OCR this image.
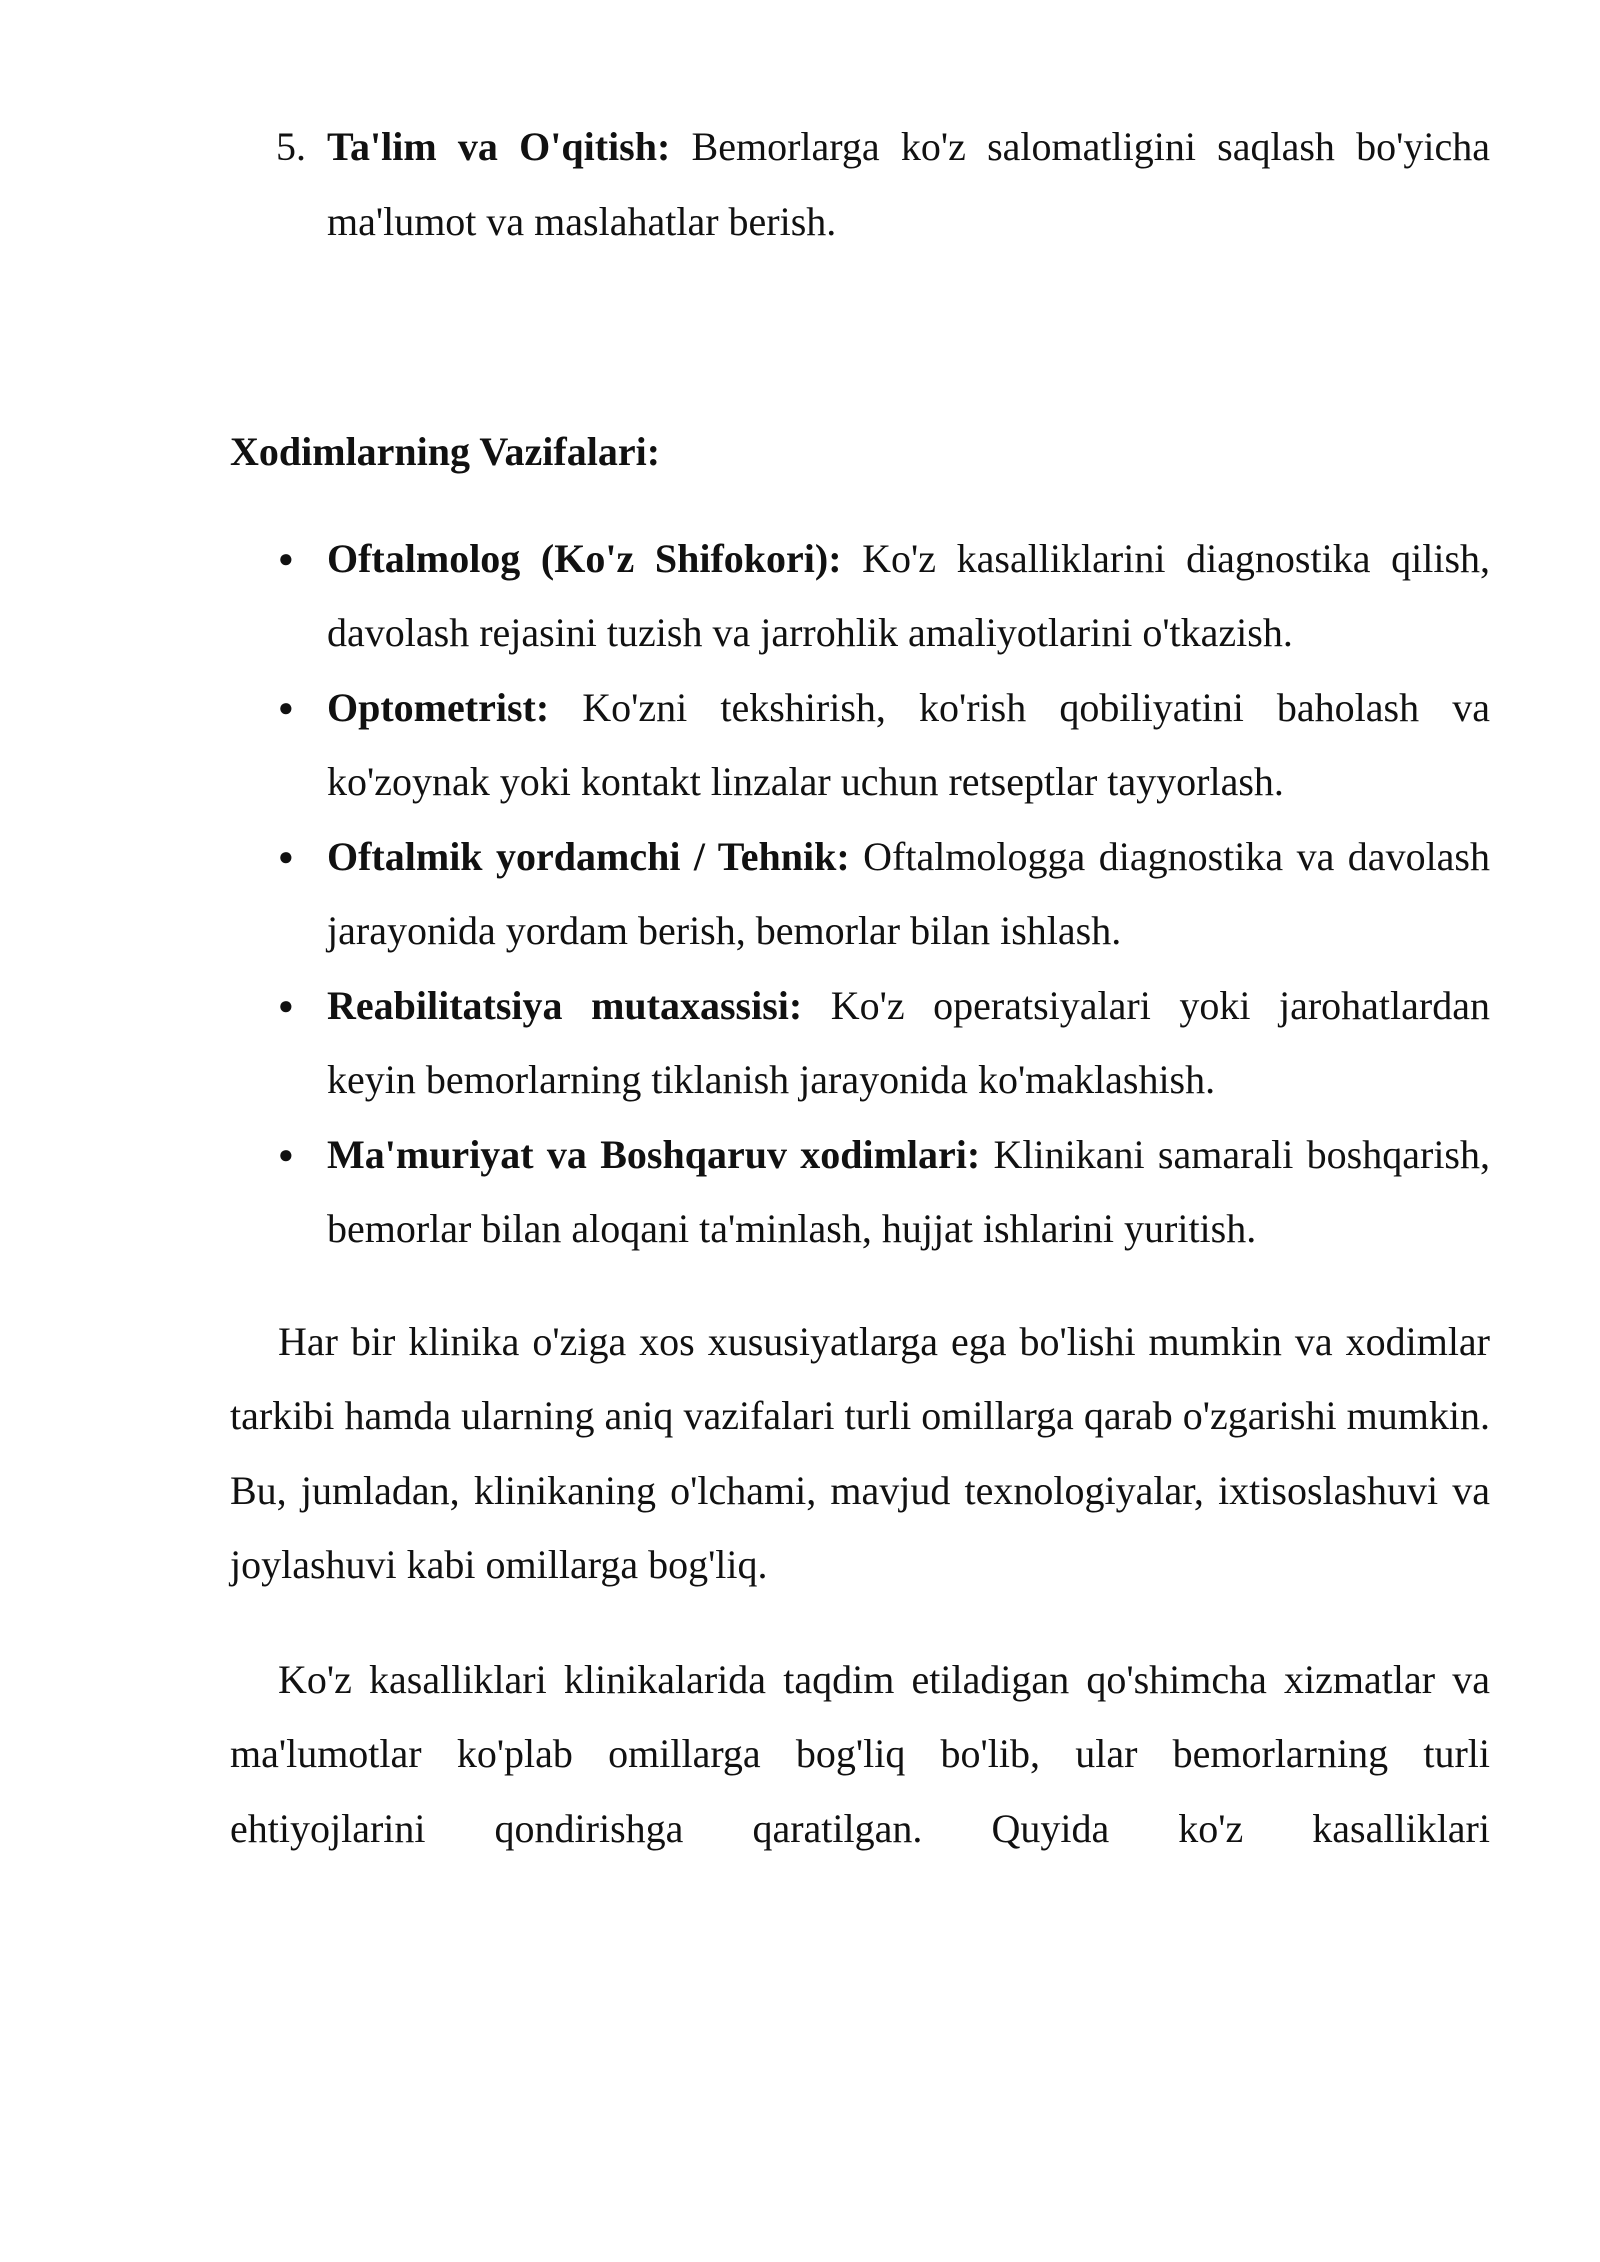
5. Ta'lim va O'qitish: Bemorlarga ko'z salomatligini saqlash bo'yicha ma'lumot va maslahatlar berish.
Xodimlarning Vazifalari:
● Oftalmolog (Ko'z Shifokori): Ko'z kasalliklarini diagnostika qilish, davolash rejasini tuzish va jarrohlik amaliyotlarini o'tkazish.
● Optometrist: Ko'zni tekshirish, ko'rish qobiliyatini baholash va ko'zoynak yoki kontakt linzalar uchun retseptlar tayyorlash.
● Oftalmik yordamchi / Tehnik: Oftalmologga diagnostika va davolash jarayonida yordam berish, bemorlar bilan ishlash.
● Reabilitatsiya mutaxassisi: Ko'z operatsiyalari yoki jarohatlardan keyin bemorlarning tiklanish jarayonida ko'maklashish.
● Ma'muriyat va Boshqaruv xodimlari: Klinikani samarali boshqarish, bemorlar bilan aloqani ta'minlash, hujjat ishlarini yuritish.

Har bir klinika o'ziga xos xususiyatlarga ega bo'lishi mumkin va xodimlar tarkibi hamda ularning aniq vazifalari turli omillarga qarab o'zgarishi mumkin. Bu, jumladan, klinikaning o'lchami, mavjud texnologiyalar, ixtisoslashuvi va joylashuvi kabi omillarga bog'liq.

Ko'z kasalliklari klinikalarida taqdim etiladigan qo'shimcha xizmatlar va ma'lumotlar ko'plab omillarga bog'liq bo'lib, ular bemorlarning turli ehtiyojlarini qondirishga qaratilgan. Quyida ko'z kasalliklari
